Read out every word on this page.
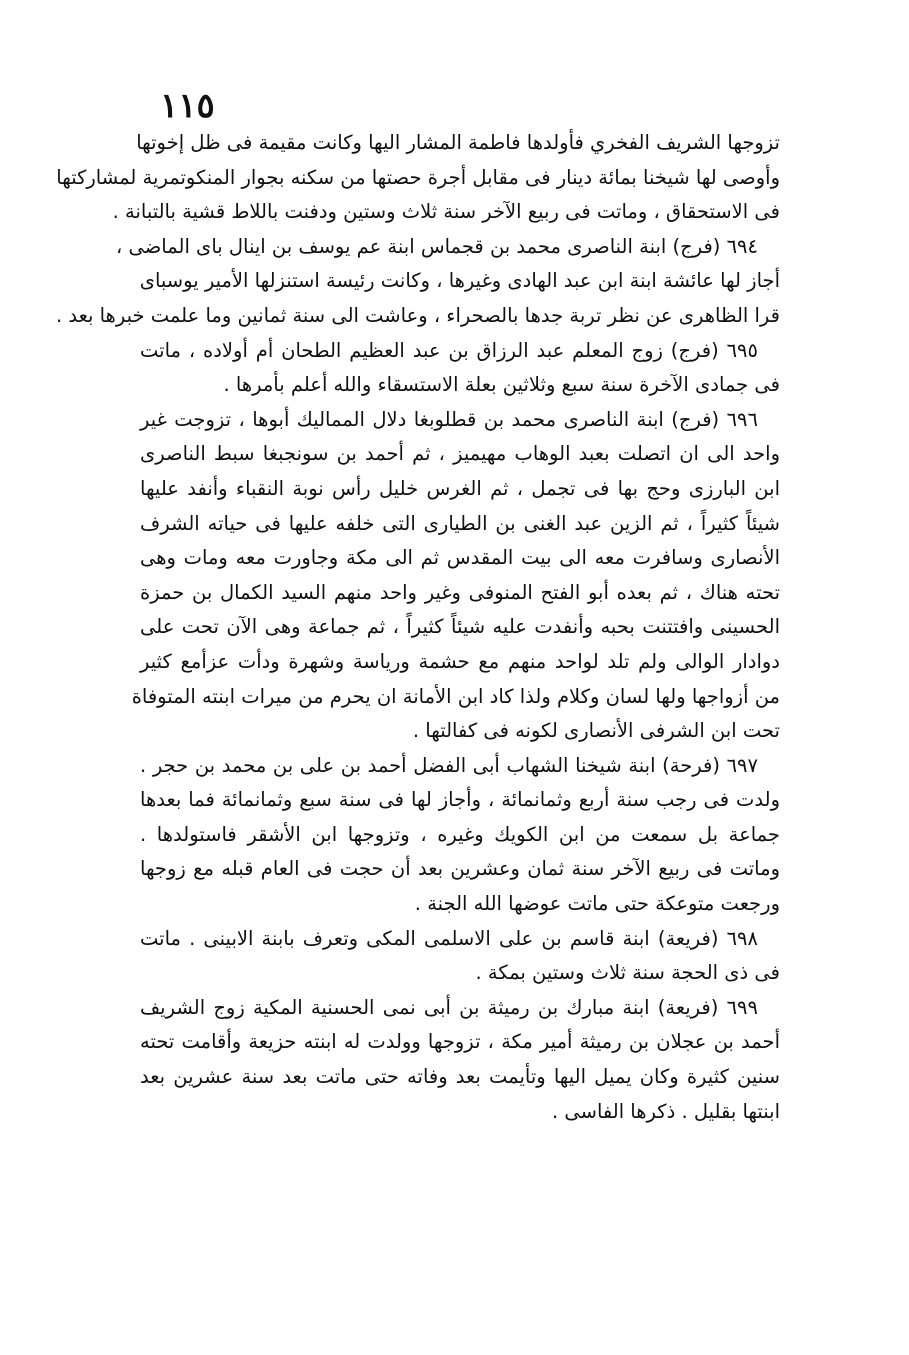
١١٥
تزوجها الشريف الفخري فأولدها فاطمة المشار اليها وكانت مقيمة فى ظل إخوتها
وأوصى لها شيخنا بمائة دينار فى مقابل أجرة حصتها من سكنه بجوار المنكوتمرية لمشاركتها
فى الاستحقاق ، وماتت فى ربيع الآخر سنة ثلاث وستين ودفنت باللاط قشية بالتبانة .
٦٩٤ (فرج) ابنة الناصرى محمد بن قجماس ابنة عم يوسف بن اينال باى الماضى ،
أجاز لها عائشة ابنة ابن عبد الهادى وغيرها ، وكانت رئيسة استنزلها الأمير يوسباى
قرا الظاهرى عن نظر تربة جدها بالصحراء ، وعاشت الى سنة ثمانين وما علمت خبرها بعد .
٦٩٥ (فرج) زوج المعلم عبد الرزاق بن عبد العظيم الطحان أم أولاده ، ماتت
فى جمادى الآخرة سنة سبع وثلاثين بعلة الاستسقاء والله أعلم بأمرها .
٦٩٦ (فرج) ابنة الناصرى محمد بن قطلوبغا دلال المماليك أبوها ، تزوجت غير
واحد الى ان اتصلت بعبد الوهاب مهيميز ، ثم أحمد بن سونجبغا سبط الناصرى
ابن البارزى وحج بها فى تجمل ، ثم الغرس خليل رأس نوبة النقباء وأنفد عليها
شيئاً كثيراً ، ثم الزين عبد الغنى بن الطيارى التى خلفه عليها فى حياته الشرف
الأنصارى وسافرت معه الى بيت المقدس ثم الى مكة وجاورت معه ومات وهى
تحته هناك ، ثم بعده أبو الفتح المنوفى وغير واحد منهم السيد الكمال بن حمزة
الحسينى وافتتنت بحبه وأنفدت عليه شيئاً كثيراً ، ثم جماعة وهى الآن تحت على
دوادار الوالى ولم تلد لواحد منهم مع حشمة ورياسة وشهرة ودأت عزأمع كثير
من أزواجها ولها لسان وكلام ولذا كاد ابن الأمانة ان يحرم من ميرات ابنته المتوفاة
تحت ابن الشرفى الأنصارى لكونه فى كفالتها .
٦٩٧ (فرحة) ابنة شيخنا الشهاب أبى الفضل أحمد بن على بن محمد بن حجر .
ولدت فى رجب سنة أربع وثمانمائة ، وأجاز لها فى سنة سبع وثمانمائة فما بعدها
جماعة بل سمعت من ابن الكويك وغيره ، وتزوجها ابن الأشقر فاستولدها .
وماتت فى ربيع الآخر سنة ثمان وعشرين بعد أن حجت فى العام قبله مع زوجها
ورجعت متوعكة حتى ماتت عوضها الله الجنة .
٦٩٨ (فريعة) ابنة قاسم بن على الاسلمى المكى وتعرف بابنة الابينى . ماتت
فى ذى الحجة سنة ثلاث وستين بمكة .
٦٩٩ (فريعة) ابنة مبارك بن رميثة بن أبى نمى الحسنية المكية زوج الشريف
أحمد بن عجلان بن رميثة أمير مكة ، تزوجها وولدت له ابنته حزيعة وأقامت تحته
سنين كثيرة وكان يميل اليها وتأيمت بعد وفاته حتى ماتت بعد سنة عشرين بعد
ابنتها بقليل . ذكرها الفاسى .
